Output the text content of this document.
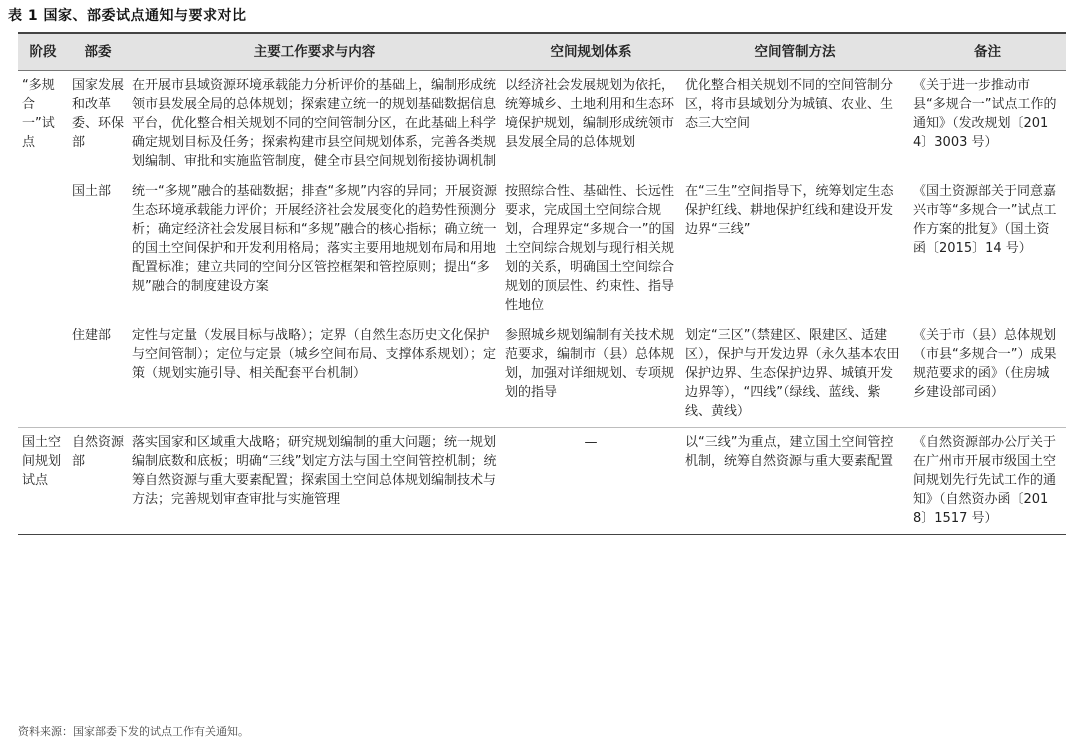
表 1 国家、部委试点通知与要求对比
阶段	部委	主要工作要求与内容	空间规划体系	空间管制方法	备注
“多规合一”试点	国家发展和改革委、环保部	在开展市县域资源环境承载能力分析评价的基础上，编制形成统领市县发展全局的总体规划；探索建立统一的规划基础数据信息平台，优化整合相关规划不同的空间管制分区，在此基础上科学确定规划目标及任务；探索构建市县空间规划体系，完善各类规划编制、审批和实施监管制度，健全市县空间规划衔接协调机制	以经济社会发展规划为依托，统筹城乡、土地利用和生态环境保护规划，编制形成统领市县发展全局的总体规划	优化整合相关规划不同的空间管制分区，将市县域划分为城镇、农业、生态三大空间	《关于进一步推动市县“多规合一”试点工作的通知》（发改规划〔2014〕3003 号）
	国土部	统一“多规”融合的基础数据；排查“多规”内容的异同；开展资源生态环境承载能力评价；开展经济社会发展变化的趋势性预测分析；确定经济社会发展目标和“多规”融合的核心指标；确立统一的国土空间保护和开发利用格局；落实主要用地规划布局和用地配置标准；建立共同的空间分区管控框架和管控原则；提出“多规”融合的制度建设方案	按照综合性、基础性、长远性要求，完成国土空间综合规划，合理界定“多规合一”的国土空间综合规划与现行相关规划的关系，明确国土空间综合规划的顶层性、约束性、指导性地位	在“三生”空间指导下，统筹划定生态保护红线、耕地保护红线和建设开发边界“三线”	《国土资源部关于同意嘉兴市等“多规合一”试点工作方案的批复》（国土资函〔2015〕14 号）
	住建部	定性与定量（发展目标与战略）；定界（自然生态历史文化保护与空间管制）；定位与定景（城乡空间布局、支撑体系规划）；定策（规划实施引导、相关配套平台机制）	参照城乡规划编制有关技术规范要求，编制市（县）总体规划，加强对详细规划、专项规划的指导	划定“三区”（禁建区、限建区、适建区），保护与开发边界（永久基本农田保护边界、生态保护边界、城镇开发边界等），“四线”（绿线、蓝线、紫线、黄线）	《关于市（县）总体规划（市县“多规合一”）成果规范要求的函》（住房城乡建设部司函）
国土空间规划试点	自然资源部	落实国家和区域重大战略；研究规划编制的重大问题；统一规划编制底数和底板；明确“三线”划定方法与国土空间管控机制；统筹自然资源与重大要素配置；探索国土空间总体规划编制技术与方法；完善规划审查审批与实施管理	—	以“三线”为重点，建立国土空间管控机制，统筹自然资源与重大要素配置	《自然资源部办公厅关于在广州市开展市级国土空间规划先行先试工作的通知》（自然资办函〔2018〕1517 号）
资料来源：国家部委下发的试点工作有关通知。
